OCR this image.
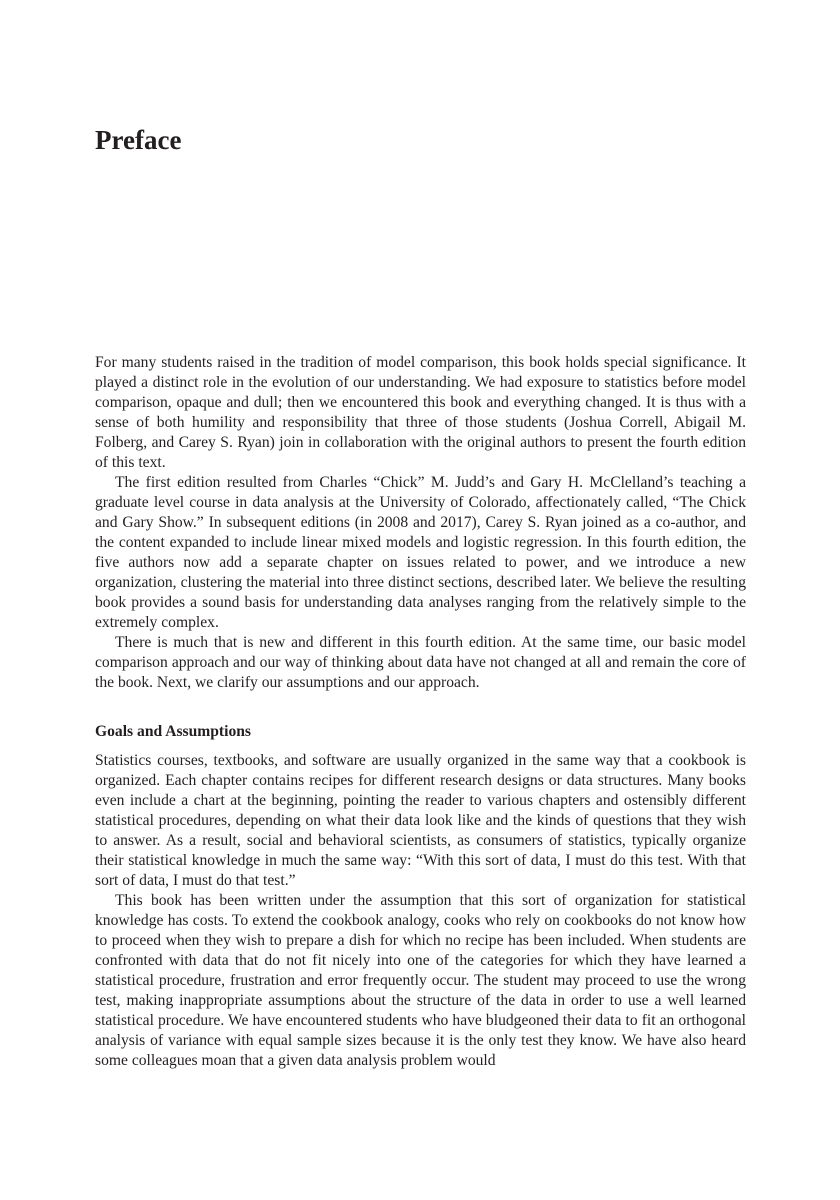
Preface

For many students raised in the tradition of model comparison, this book holds special significance. It played a distinct role in the evolution of our understanding. We had exposure to statistics before model comparison, opaque and dull; then we encountered this book and everything changed. It is thus with a sense of both humility and responsibility that three of those students (Joshua Correll, Abigail M. Folberg, and Carey S. Ryan) join in collaboration with the original authors to present the fourth edition of this text.

The first edition resulted from Charles “Chick” M. Judd’s and Gary H. McClelland’s teaching a graduate level course in data analysis at the University of Colorado, affectionately called, “The Chick and Gary Show.” In subsequent editions (in 2008 and 2017), Carey S. Ryan joined as a co-author, and the content expanded to include linear mixed models and logistic regression. In this fourth edition, the five authors now add a separate chapter on issues related to power, and we introduce a new organization, clustering the material into three distinct sections, described later. We believe the resulting book provides a sound basis for understanding data analyses ranging from the relatively simple to the extremely complex.

There is much that is new and different in this fourth edition. At the same time, our basic model comparison approach and our way of thinking about data have not changed at all and remain the core of the book. Next, we clarify our assumptions and our approach.

Goals and Assumptions

Statistics courses, textbooks, and software are usually organized in the same way that a cookbook is organized. Each chapter contains recipes for different research designs or data structures. Many books even include a chart at the beginning, pointing the reader to various chapters and ostensibly different statistical procedures, depending on what their data look like and the kinds of questions that they wish to answer. As a result, social and behavioral scientists, as consumers of statistics, typically organize their statistical knowledge in much the same way: “With this sort of data, I must do this test. With that sort of data, I must do that test.”

This book has been written under the assumption that this sort of organization for statistical knowledge has costs. To extend the cookbook analogy, cooks who rely on cookbooks do not know how to proceed when they wish to prepare a dish for which no recipe has been included. When students are confronted with data that do not fit nicely into one of the categories for which they have learned a statistical procedure, frustration and error frequently occur. The student may proceed to use the wrong test, making inappropriate assumptions about the structure of the data in order to use a well learned statistical procedure. We have encountered students who have bludgeoned their data to fit an orthogonal analysis of variance with equal sample sizes because it is the only test they know. We have also heard some colleagues moan that a given data analysis problem would
